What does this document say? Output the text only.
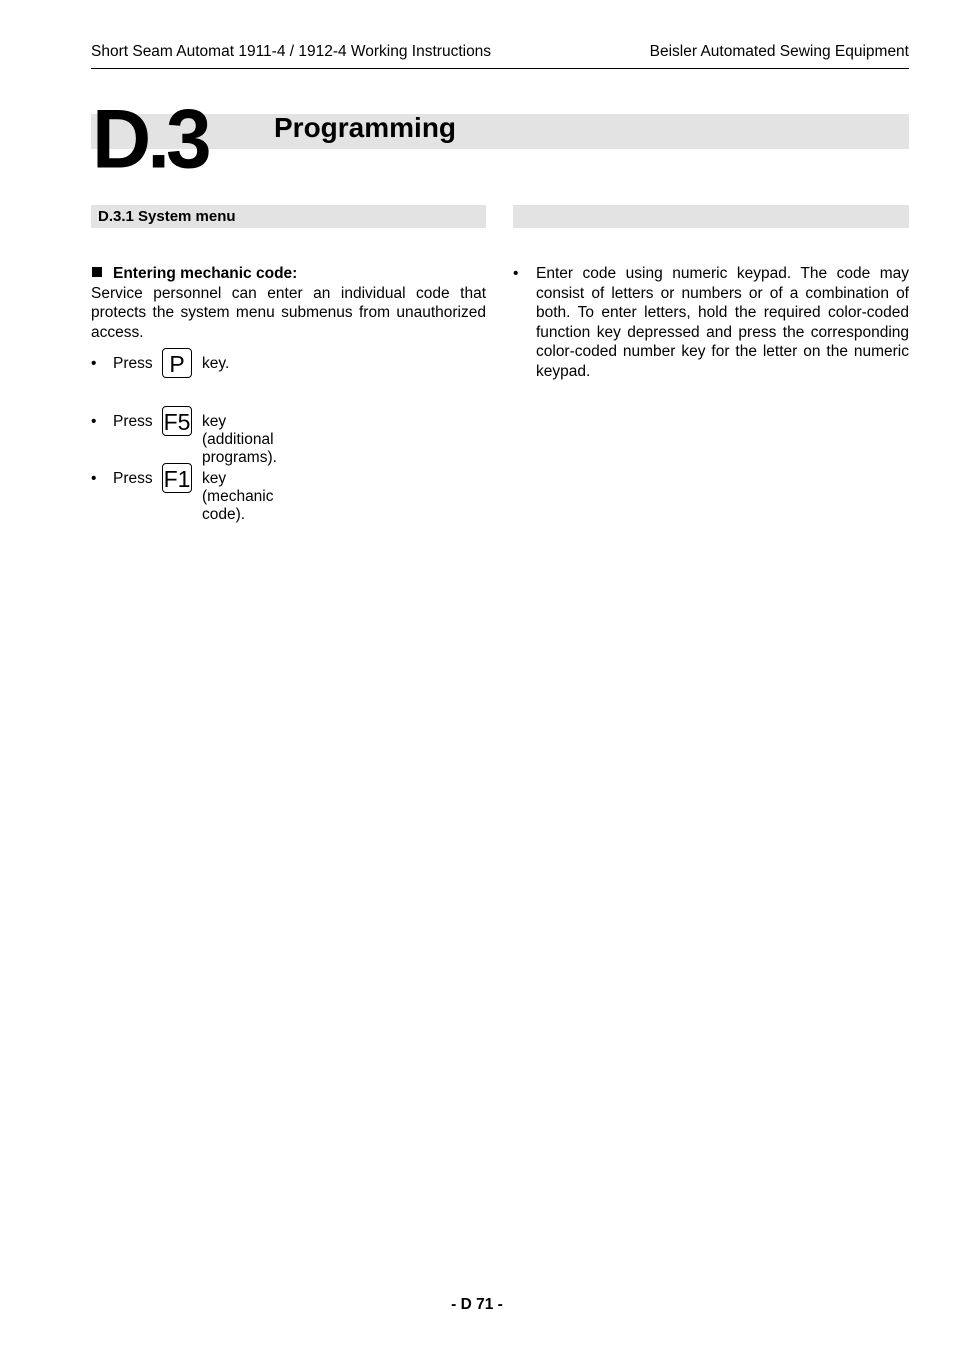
Short Seam Automat 1911-4 / 1912-4 Working Instructions	Beisler Automated Sewing Equipment
D.3 Programming
D.3.1 System menu
Entering mechanic code:
Service personnel can enter an individual code that protects the system menu submenus from unauthorized access.
• Press P	key.
• Press F5 key (additional programs).
• Press F1 key (mechanic code).
• Enter code using numeric keypad. The code may consist of letters or numbers or of a combination of both. To enter letters, hold the required color-coded function key depressed and press the corresponding color-coded number key for the letter on the numeric keypad.
- D 71 -
